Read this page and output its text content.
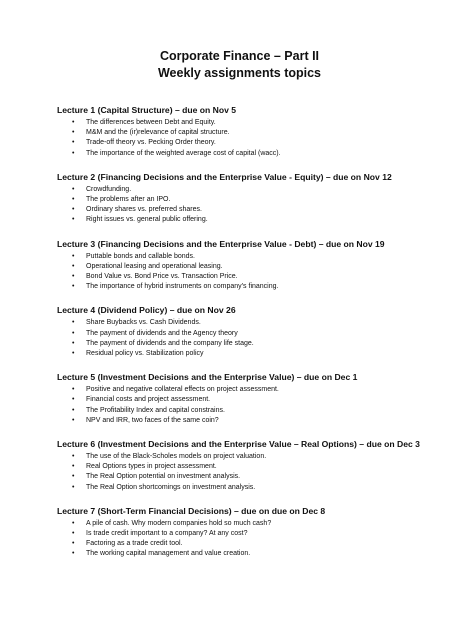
Corporate Finance – Part II

Weekly assignments topics

Lecture 1 (Capital Structure) – due on Nov 5
• The differences between Debt and Equity.
• M&M and the (ir)relevance of capital structure.
• Trade-off theory vs. Pecking Order theory.
• The importance of the weighted average cost of capital (wacc).
Lecture 2 (Financing Decisions and the Enterprise Value - Equity) – due on Nov 12
• Crowdfunding.
• The problems after an IPO.
• Ordinary shares vs. preferred shares.
• Right issues vs. general public offering.
Lecture 3 (Financing Decisions and the Enterprise Value - Debt) – due on Nov 19
• Puttable bonds and callable bonds.
• Operational leasing and operational leasing.
• Bond Value vs. Bond Price vs. Transaction Price.
• The importance of hybrid instruments on company’s financing.
Lecture 4 (Dividend Policy) – due on Nov 26
• Share Buybacks vs. Cash Dividends.
• The payment of dividends and the Agency theory
• The payment of dividends and the company life stage.
• Residual policy vs. Stabilization policy
Lecture 5 (Investment Decisions and the Enterprise Value) – due on Dec 1
• Positive and negative collateral effects on project assessment.
• Financial costs and project assessment.
• The Profitability Index and capital constrains.
• NPV and IRR, two faces of the same coin?
Lecture 6 (Investment Decisions and the Enterprise Value – Real Options) – due on Dec 3
• The use of the Black-Scholes models on project valuation.
• Real Options types in project assessment.
• The Real Option potential on investment analysis.
• The Real Option shortcomings on investment analysis.
Lecture 7 (Short-Term Financial Decisions) – due on due on Dec 8
• A pile of cash. Why modern companies hold so much cash?
• Is trade credit important to a company? At any cost?
• Factoring as a trade credit tool.
• The working capital management and value creation.
